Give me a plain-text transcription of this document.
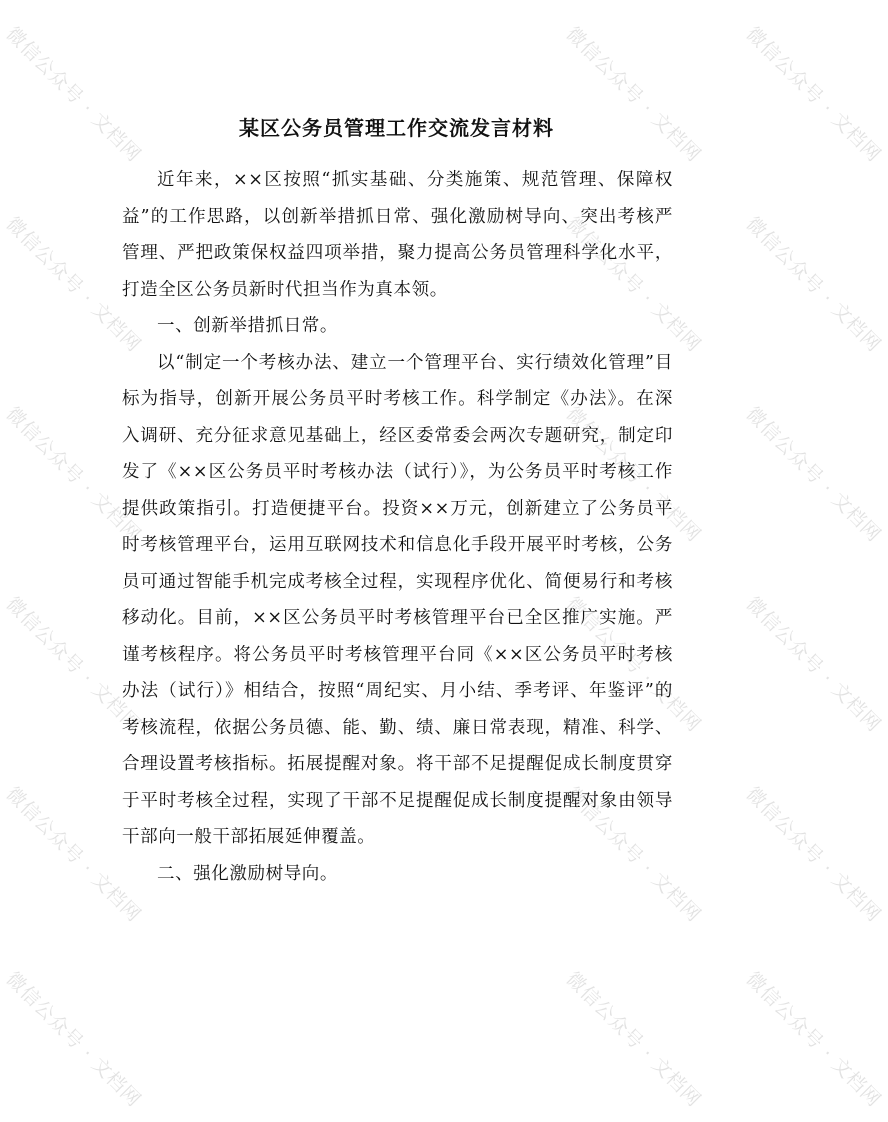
微信公众号 · 文档网	微信公众号 · 文档网 微信公众号 · 文档网
微信公众号 · 文档网	微信公众号 · 文档网 微信公众号 · 文档网
微信公众号 · 文档网	微信公众号 · 文档网 微信公众号 · 文档网
微信公众号 · 文档网	微信公众号 · 文档网 微信公众号 · 文档网
微信公众号 · 文档网	微信公众号 · 文档网 微信公众号 · 文档网
微信公众号 · 文档网	微信公众号 · 文档网 微信公众号 · 文档网
某区公务员管理工作交流发言材料

近年来，××区按照“抓实基础、分类施策、规范管理、保障权益”的工作思路，以创新举措抓日常、强化激励树导向、突出考核严管理、严把政策保权益四项举措，聚力提高公务员管理科学化水平，打造全区公务员新时代担当作为真本领。

一、创新举措抓日常。

以“制定一个考核办法、建立一个管理平台、实行绩效化管理”目标为指导，创新开展公务员平时考核工作。科学制定《办法》。在深入调研、充分征求意见基础上，经区委常委会两次专题研究，制定印发了《××区公务员平时考核办法（试行）》，为公务员平时考核工作提供政策指引。打造便捷平台。投资××万元，创新建立了公务员平时考核管理平台，运用互联网技术和信息化手段开展平时考核，公务员可通过智能手机完成考核全过程，实现程序优化、简便易行和考核移动化。目前，××区公务员平时考核管理平台已全区推广实施。严谨考核程序。将公务员平时考核管理平台同《××区公务员平时考核办法（试行）》相结合，按照“周纪实、月小结、季考评、年鉴评”的考核流程，依据公务员德、能、勤、绩、廉日常表现，精准、科学、合理设置考核指标。拓展提醒对象。将干部不足提醒促成长制度贯穿于平时考核全过程，实现了干部不足提醒促成长制度提醒对象由领导干部向一般干部拓展延伸覆盖。

二、强化激励树导向。
